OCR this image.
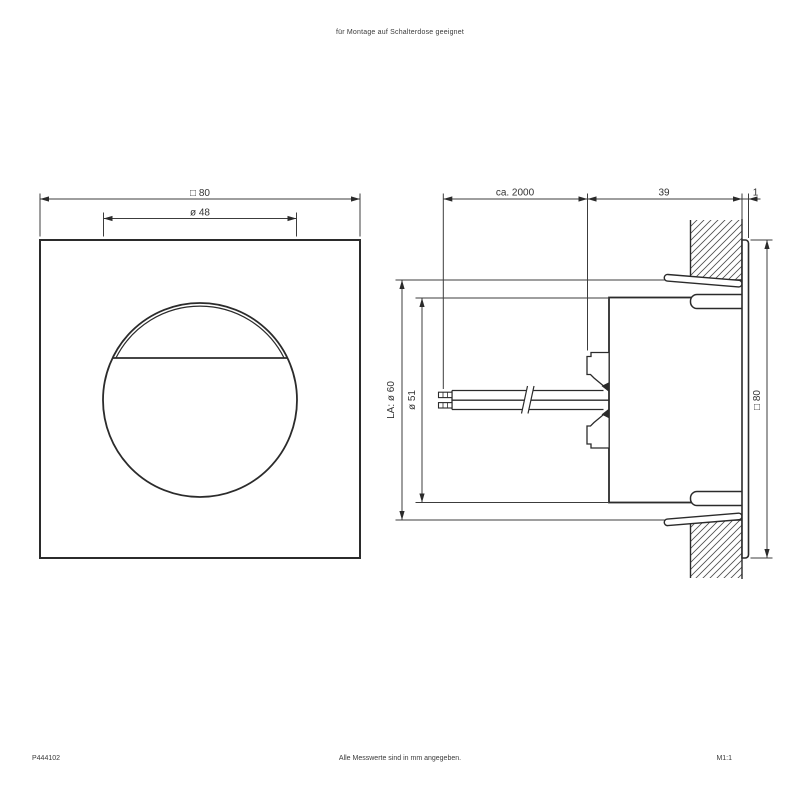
für Montage auf Schalterdose geeignet
□ 80
ø 48
ca. 2000	39	1
LA: ø 60 ø 51	□ 80
P444102	Alle Messwerte sind in mm angegeben.	M1:1
